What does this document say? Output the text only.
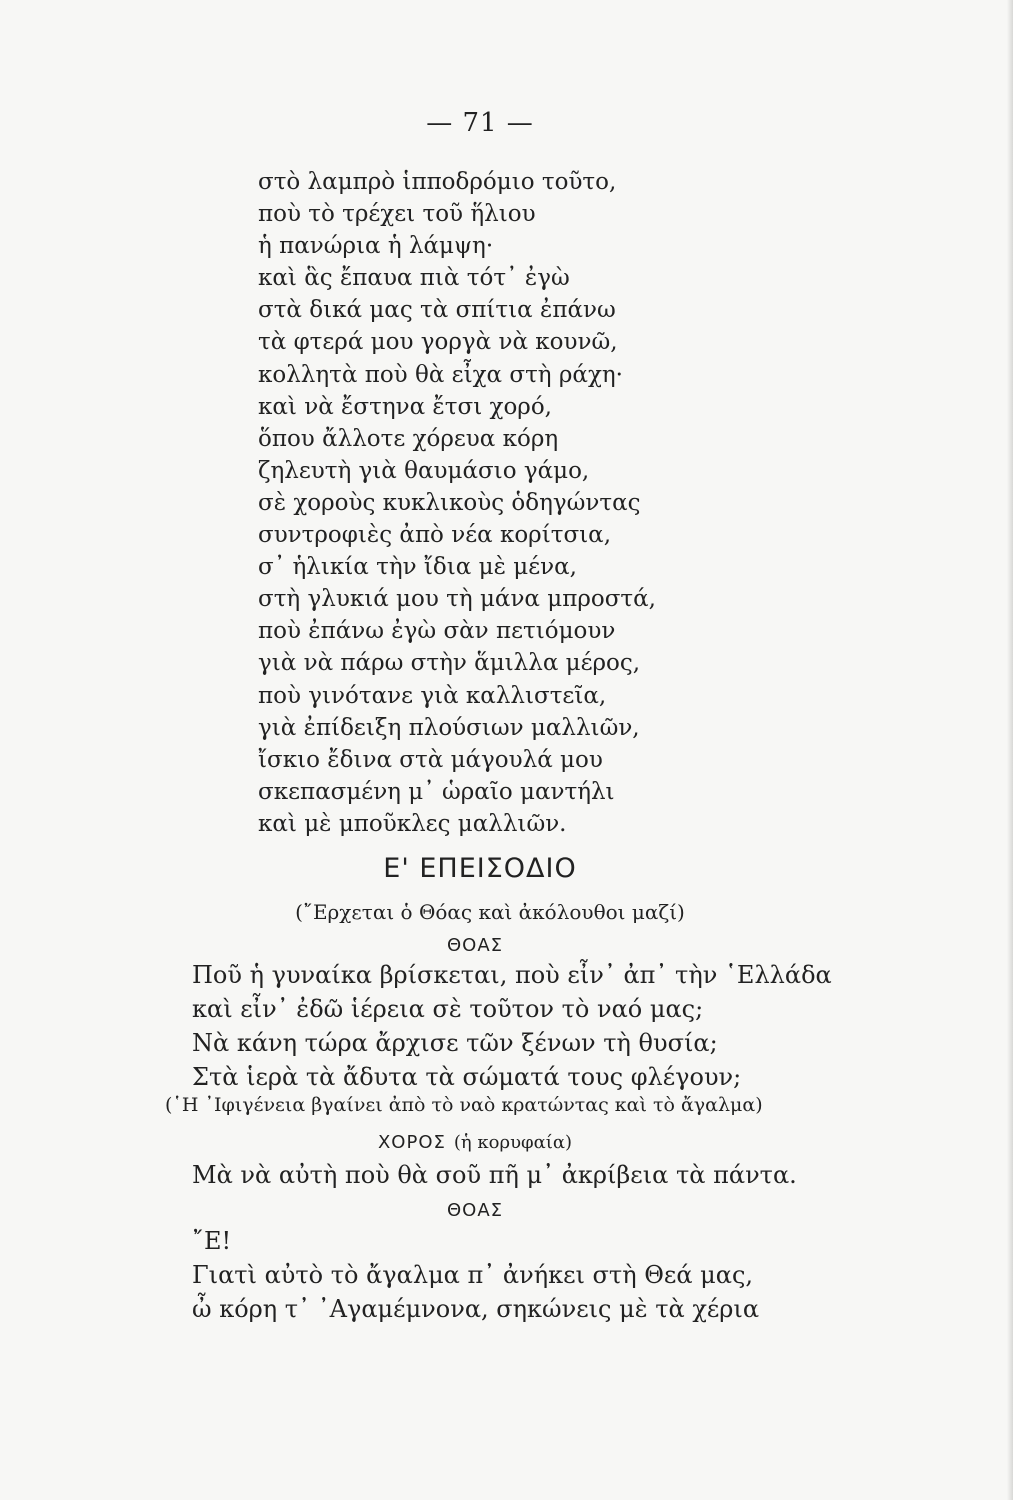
— 71 —
στὸ λαμπρὸ ἱπποδρόμιο τοῦτο,
ποὺ τὸ τρέχει τοῦ ἥλιου
ἡ πανώρια ἡ λάμψη·
καὶ ἃς ἔπαυα πιὰ τότ᾿ ἐγὼ
στὰ δικά μας τὰ σπίτια ἐπάνω
τὰ φτερά μου γοργὰ νὰ κουνῶ,
κολλητὰ ποὺ θὰ εἶχα στὴ ράχη·
καὶ νὰ ἔστηνα ἔτσι χορό,
ὅπου ἄλλοτε χόρευα κόρη
ζηλευτὴ γιὰ θαυμάσιο γάμο,
σὲ χοροὺς κυκλικοὺς ὁδηγώντας
συντροφιὲς ἀπὸ νέα κορίτσια,
σ᾿ ἡλικία τὴν ἴδια μὲ μένα,
στὴ γλυκιά μου τὴ μάνα μπροστά,
ποὺ ἐπάνω ἐγὼ σὰν πετιόμουν
γιὰ νὰ πάρω στὴν ἅμιλλα μέρος,
ποὺ γινότανε γιὰ καλλιστεῖα,
γιὰ ἐπίδειξη πλούσιων μαλλιῶν,
ἴσκιο ἔδινα στὰ μάγουλά μου
σκεπασμένη μ᾿ ὡραῖο μαντήλι
καὶ μὲ μποῦκλες μαλλιῶν.
Ε' ΕΠΕΙΣΟΔΙΟ
(῎Ερχεται ὁ Θόας καὶ ἀκόλουθοι μαζί)
ΘΟΑΣ
Ποῦ ἡ γυναίκα βρίσκεται, ποὺ εἶν᾿ ἀπ᾿ τὴν ῾Ελλάδα
καὶ εἶν᾿ ἐδῶ ἱέρεια σὲ τοῦτον τὸ ναό μας;
Νὰ κάνη τώρα ἄρχισε τῶν ξένων τὴ θυσία;
Στὰ ἱερὰ τὰ ἄδυτα τὰ σώματά τους φλέγουν;
(῾Η ᾿Ιφιγένεια βγαίνει ἀπὸ τὸ ναὸ κρατώντας καὶ τὸ ἄγαλμα)
ΧΟΡΟΣ (ἡ κορυφαία)
Μὰ νὰ αὐτὴ ποὺ θὰ σοῦ πῆ μ᾿ ἀκρίβεια τὰ πάντα.
ΘΟΑΣ
῎Ε!
Γιατὶ αὐτὸ τὸ ἄγαλμα π᾿ ἀνήκει στὴ Θεά μας,
ὦ κόρη τ᾿ ᾿Αγαμέμνονα, σηκώνεις μὲ τὰ χέρια
